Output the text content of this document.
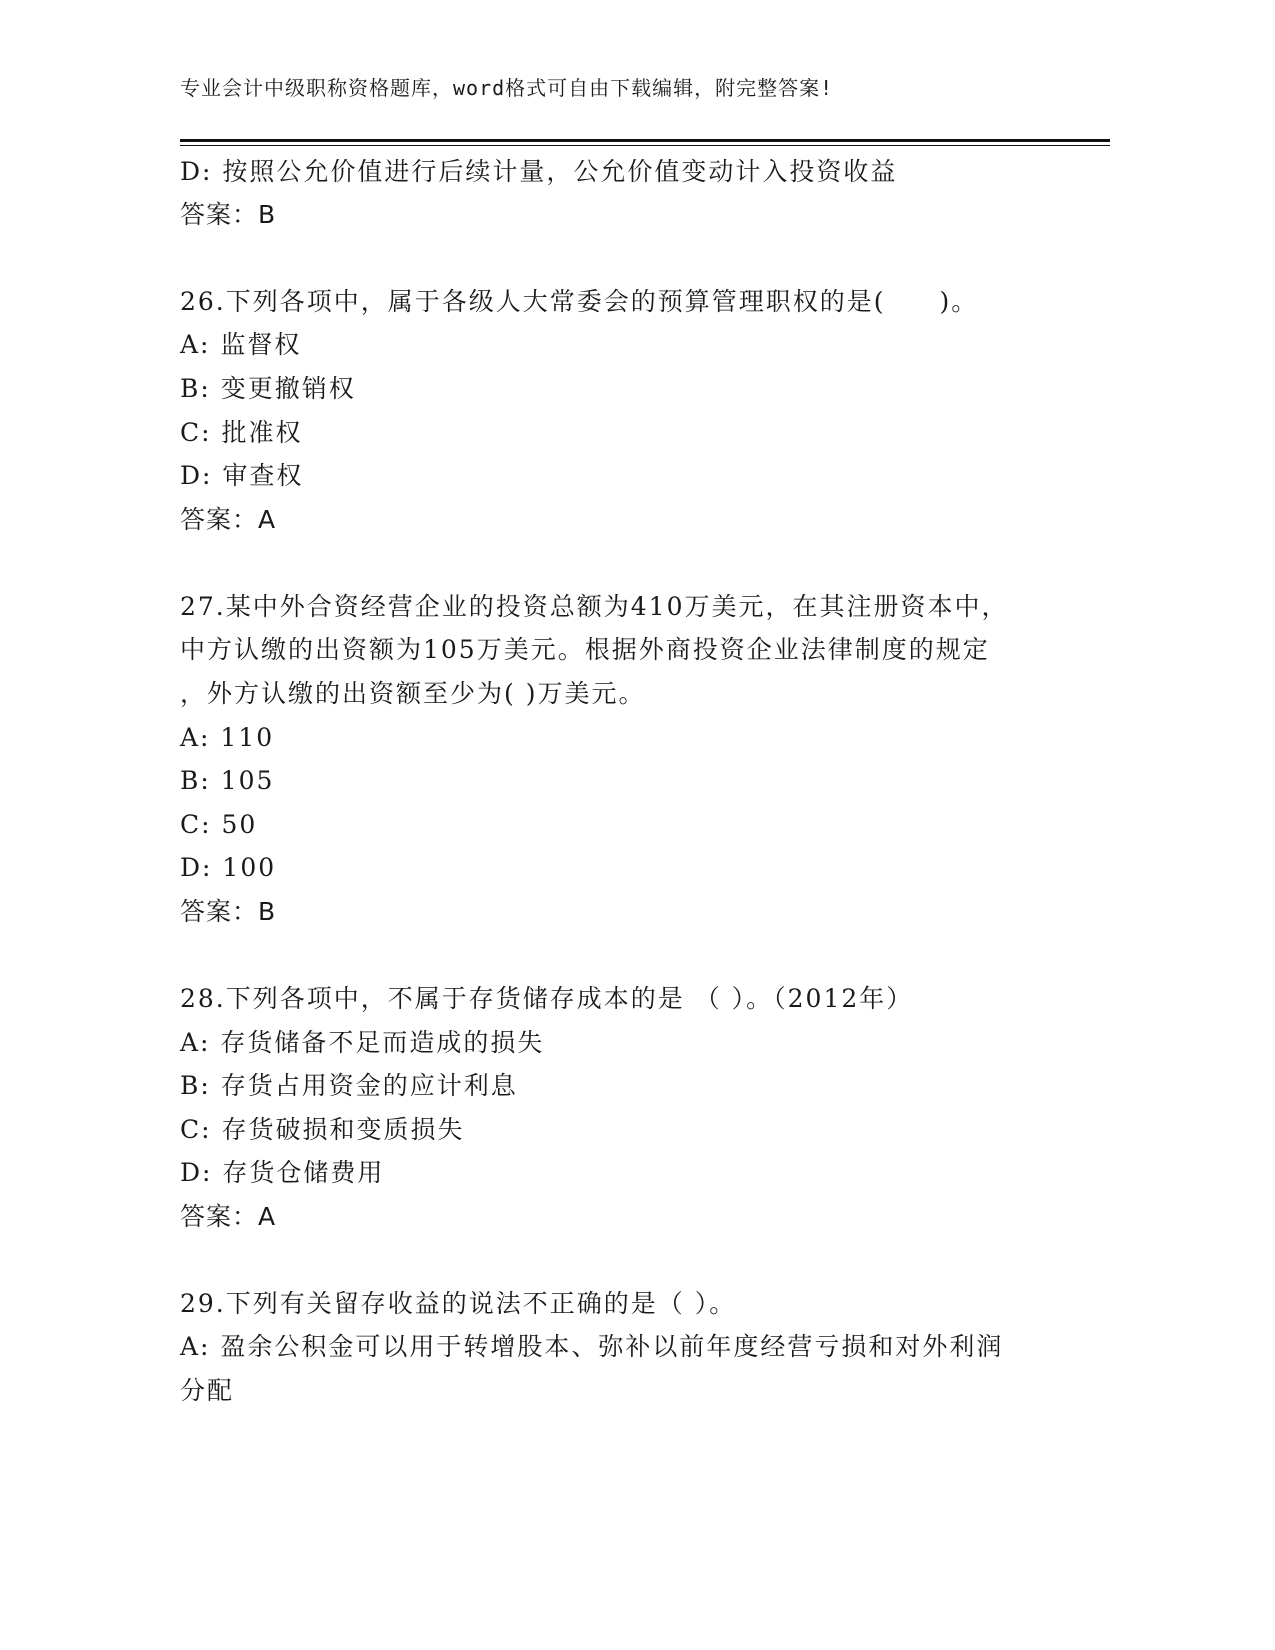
专业会计中级职称资格题库，word格式可自由下载编辑，附完整答案!
D: 按照公允价值进行后续计量，公允价值变动计入投资收益
答案：B
26.下列各项中，属于各级人大常委会的预算管理职权的是(　　)。
A: 监督权
B: 变更撤销权
C: 批准权
D: 审查权
答案：A
27.某中外合资经营企业的投资总额为410万美元，在其注册资本中，
中方认缴的出资额为105万美元。根据外商投资企业法律制度的规定
，外方认缴的出资额至少为( )万美元。
A: 110
B: 105
C: 50
D: 100
答案：B
28.下列各项中，不属于存货储存成本的是 （ ）。（2012年）
A: 存货储备不足而造成的损失
B: 存货占用资金的应计利息
C: 存货破损和变质损失
D: 存货仓储费用
答案：A
29.下列有关留存收益的说法不正确的是（ ）。
A: 盈余公积金可以用于转增股本、弥补以前年度经营亏损和对外利润
分配
